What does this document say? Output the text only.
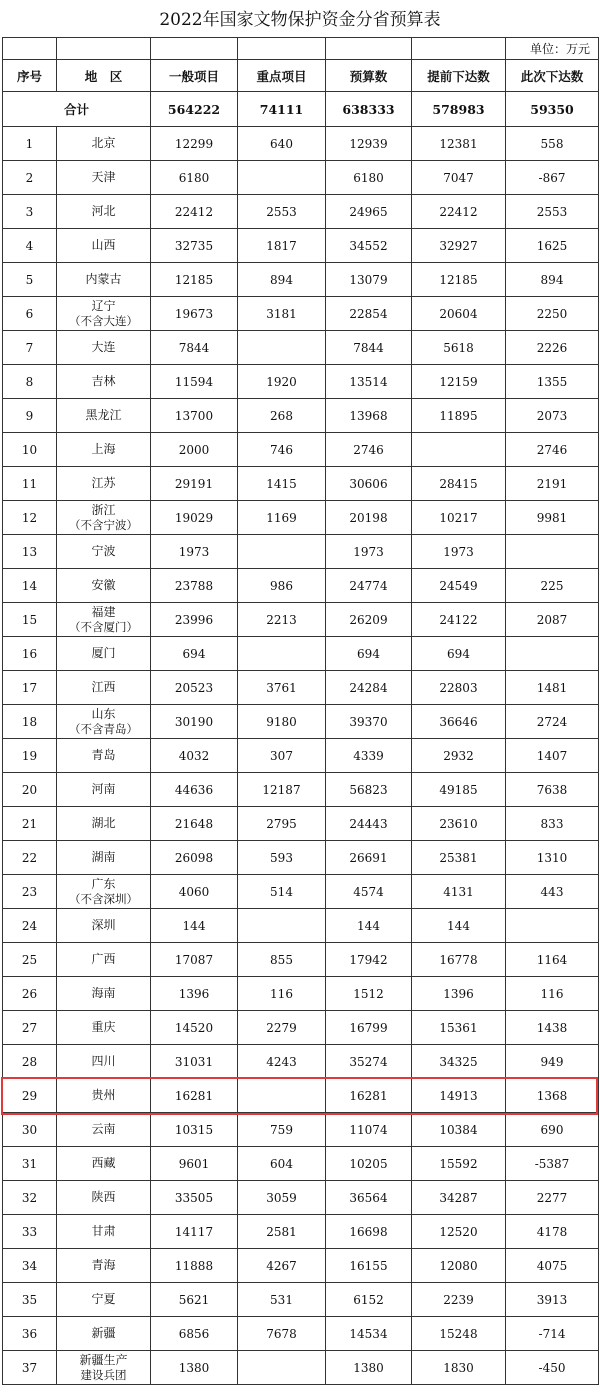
2022年国家文物保护资金分省预算表
						单位：万元
序号	地　区	一般项目	重点项目	预算数	提前下达数	此次下达数
合计		564222	74111	638333	578983	59350
1	北京	12299	640	12939	12381	558
2	天津	6180		6180	7047	-867
3	河北	22412	2553	24965	22412	2553
4	山西	32735	1817	34552	32927	1625
5	内蒙古	12185	894	13079	12185	894
6	辽宁
（不含大连）	19673	3181	22854	20604	2250
7	大连	7844		7844	5618	2226
8	吉林	11594	1920	13514	12159	1355
9	黑龙江	13700	268	13968	11895	2073
10	上海	2000	746	2746		2746
11	江苏	29191	1415	30606	28415	2191
12	浙江
（不含宁波）	19029	1169	20198	10217	9981
13	宁波	1973		1973	1973	
14	安徽	23788	986	24774	24549	225
15	福建
（不含厦门）	23996	2213	26209	24122	2087
16	厦门	694		694	694	
17	江西	20523	3761	24284	22803	1481
18	山东
（不含青岛）	30190	9180	39370	36646	2724
19	青岛	4032	307	4339	2932	1407
20	河南	44636	12187	56823	49185	7638
21	湖北	21648	2795	24443	23610	833
22	湖南	26098	593	26691	25381	1310
23	广东
（不含深圳）	4060	514	4574	4131	443
24	深圳	144		144	144	
25	广西	17087	855	17942	16778	1164
26	海南	1396	116	1512	1396	116
27	重庆	14520	2279	16799	15361	1438
28	四川	31031	4243	35274	34325	949
29	贵州	16281		16281	14913	1368
30	云南	10315	759	11074	10384	690
31	西藏	9601	604	10205	15592	-5387
32	陕西	33505	3059	36564	34287	2277
33	甘肃	14117	2581	16698	12520	4178
34	青海	11888	4267	16155	12080	4075
35	宁夏	5621	531	6152	2239	3913
36	新疆	6856	7678	14534	15248	-714
37	新疆生产
建设兵团	1380		1380	1830	-450
